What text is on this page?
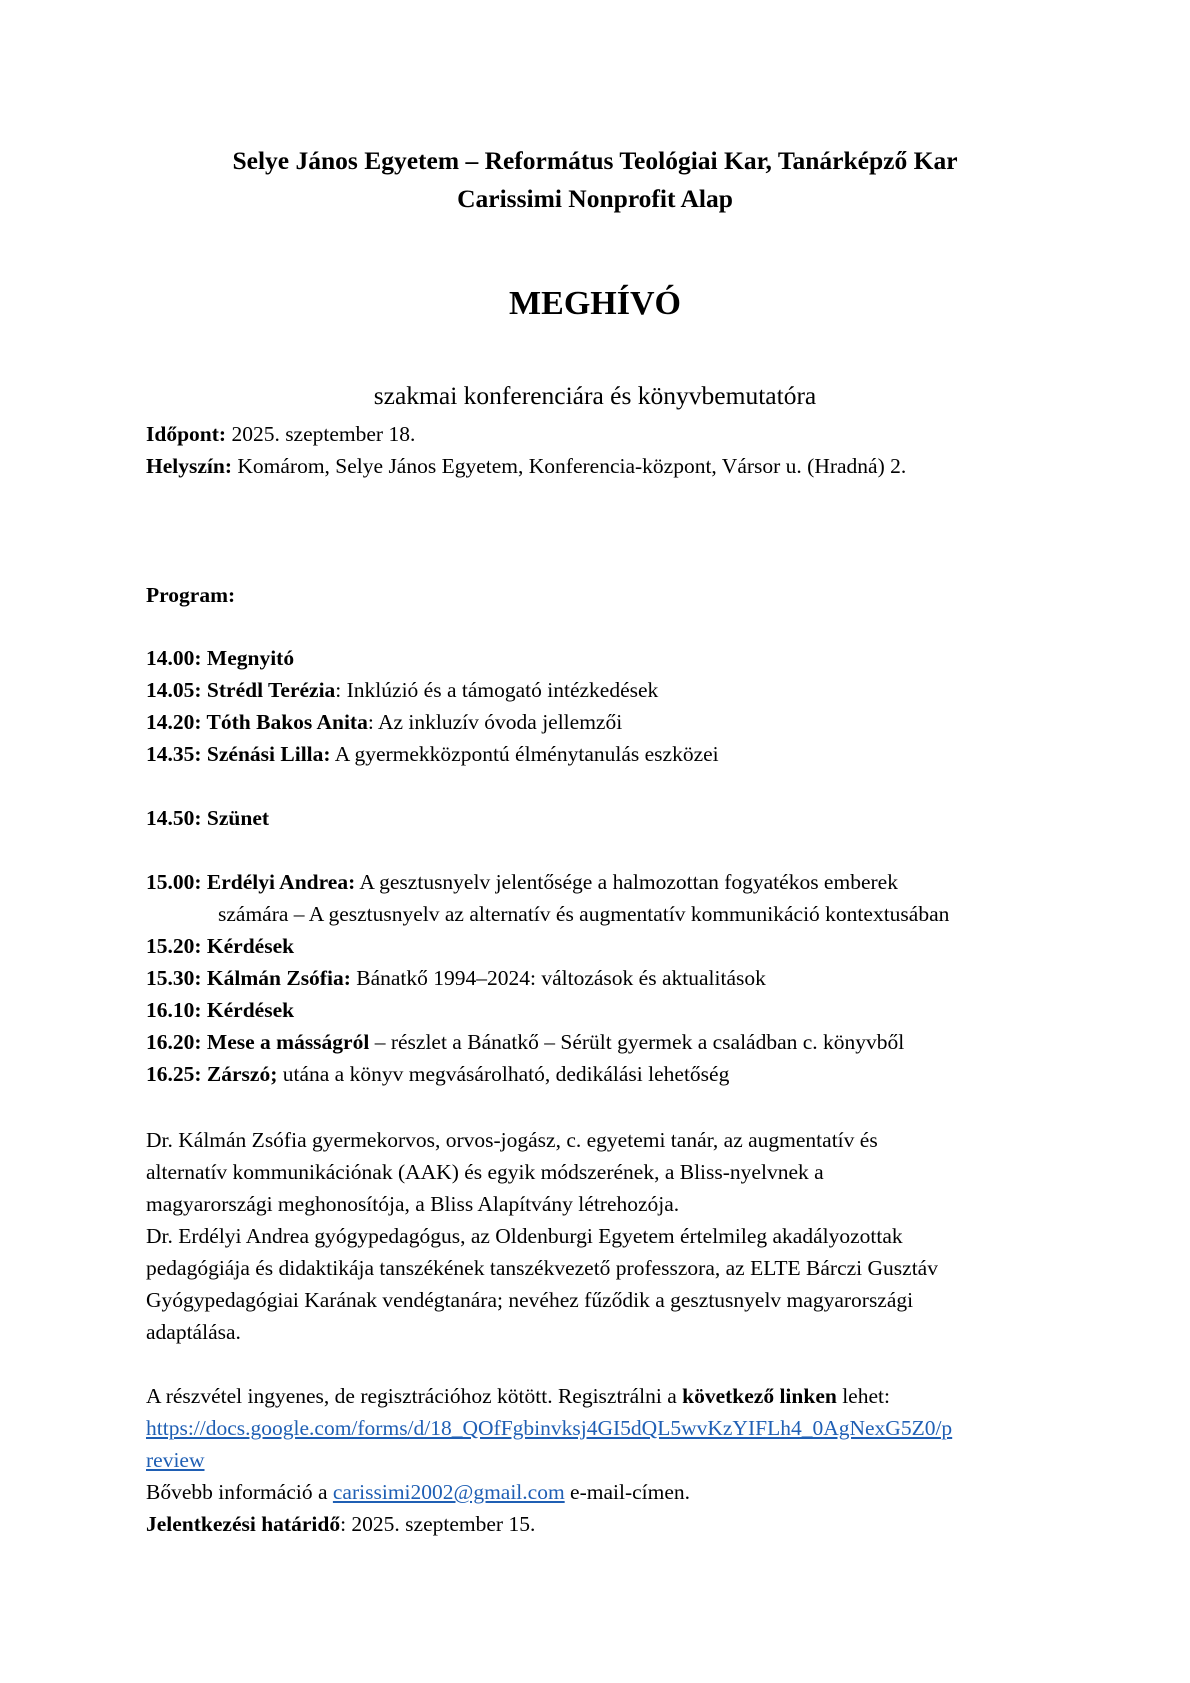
Selye János Egyetem – Református Teológiai Kar, Tanárképző Kar
Carissimi Nonprofit Alap
MEGHÍVÓ
szakmai konferenciára és könyvbemutatóra
Időpont: 2025. szeptember 18.
Helyszín: Komárom, Selye János Egyetem, Konferencia-központ, Vársor u. (Hradná) 2.
Program:
14.00: Megnyitó
14.05: Strédl Terézia: Inklúzió és a támogató intézkedések
14.20: Tóth Bakos Anita: Az inkluzív óvoda jellemzői
14.35: Szénási Lilla: A gyermekközpontú élménytanulás eszközei
14.50: Szünet
15.00: Erdélyi Andrea: A gesztusnyelv jelentősége a halmozottan fogyatékos emberek
számára – A gesztusnyelv az alternatív és augmentatív kommunikáció kontextusában
15.20: Kérdések
15.30: Kálmán Zsófia: Bánatkő 1994–2024: változások és aktualitások
16.10: Kérdések
16.20: Mese a másságról – részlet a Bánatkő – Sérült gyermek a családban c. könyvből
16.25: Zárszó; utána a könyv megvásárolható, dedikálási lehetőség
Dr. Kálmán Zsófia gyermekorvos, orvos-jogász, c. egyetemi tanár, az augmentatív és
alternatív kommunikációnak (AAK) és egyik módszerének, a Bliss-nyelvnek a
magyarországi meghonosítója, a Bliss Alapítvány létrehozója.
Dr. Erdélyi Andrea gyógypedagógus, az Oldenburgi Egyetem értelmileg akadályozottak
pedagógiája és didaktikája tanszékének tanszékvezető professzora, az ELTE Bárczi Gusztáv
Gyógypedagógiai Karának vendégtanára; nevéhez fűződik a gesztusnyelv magyarországi
adaptálása.
A részvétel ingyenes, de regisztrációhoz kötött. Regisztrálni a következő linken lehet:
https://docs.google.com/forms/d/18_QOfFgbinvksj4GI5dQL5wvKzYIFLh4_0AgNexG5Z0/p
review
Bővebb információ a carissimi2002@gmail.com e-mail-címen.
Jelentkezési határidő: 2025. szeptember 15.
